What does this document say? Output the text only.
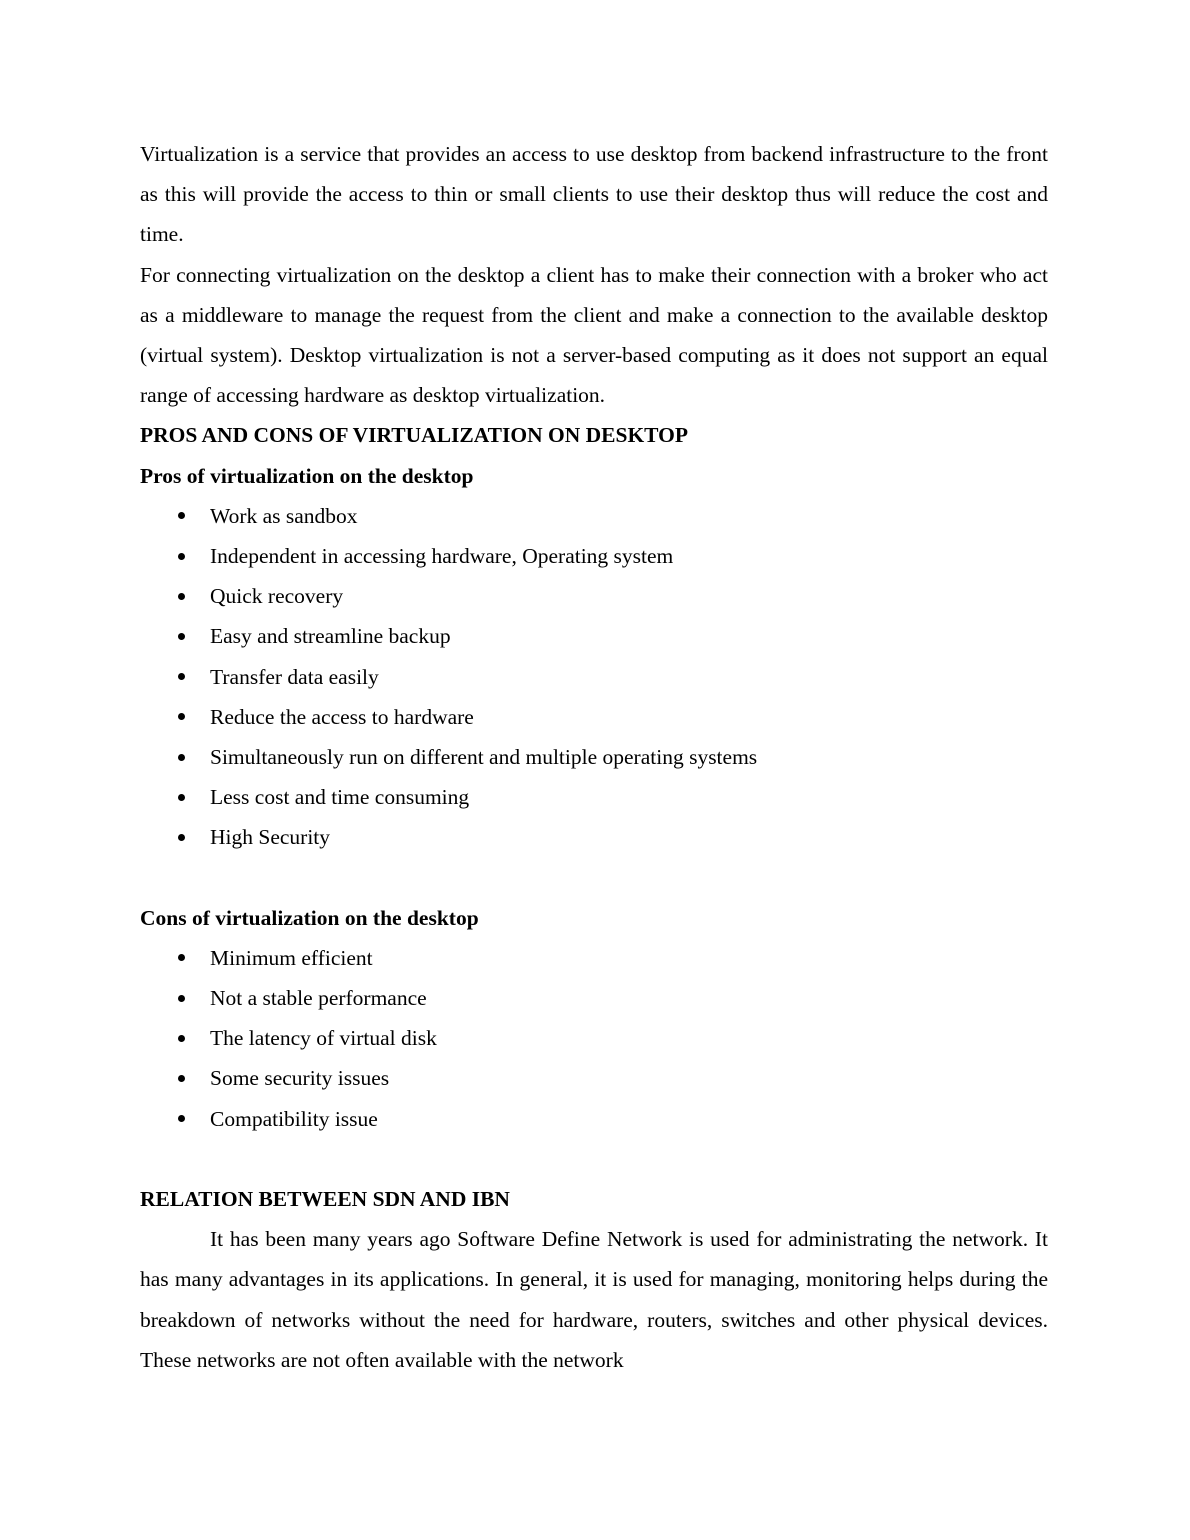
Virtualization is a service that provides an access to use desktop from backend infrastructure to the front as this will provide the access to thin or small clients to use their desktop thus will reduce the cost and time.

For connecting virtualization on the desktop a client has to make their connection with a broker who act as a middleware to manage the request from the client and make a connection to the available desktop (virtual system). Desktop virtualization is not a server-based computing as it does not support an equal range of accessing hardware as desktop virtualization.

PROS AND CONS OF VIRTUALIZATION ON DESKTOP

Pros of virtualization on the desktop

Work as sandbox
Independent in accessing hardware, Operating system
Quick recovery
Easy and streamline backup
Transfer data easily
Reduce the access to hardware
Simultaneously run on different and multiple operating systems
Less cost and time consuming
High Security

Cons of virtualization on the desktop

Minimum efficient
Not a stable performance
The latency of virtual disk
Some security issues
Compatibility issue

RELATION BETWEEN SDN AND IBN

It has been many years ago Software Define Network is used for administrating the network. It has many advantages in its applications. In general, it is used for managing, monitoring helps during the breakdown of networks without the need for hardware, routers, switches and other physical devices. These networks are not often available with the network
